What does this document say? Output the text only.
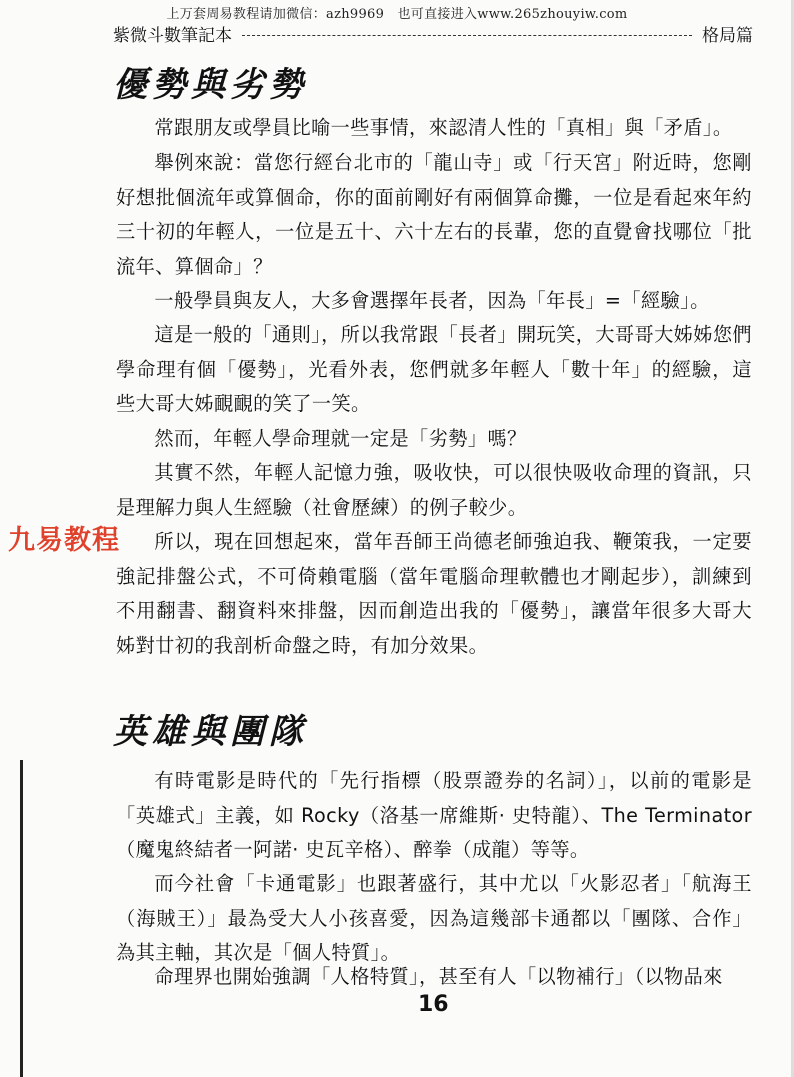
上万套周易教程请加微信：azh9969　也可直接进入www.265zhouyiw.com
紫微斗數筆記本	格局篇
優勢與劣勢

常跟朋友或學員比喻一些事情，來認清人性的「真相」與「矛盾」。

舉例來說：當您行經台北市的「龍山寺」或「行天宮」附近時，您剛好想批個流年或算個命，你的面前剛好有兩個算命攤，一位是看起來年約三十初的年輕人，一位是五十、六十左右的長輩，您的直覺會找哪位「批流年、算個命」？

一般學員與友人，大多會選擇年長者，因為「年長」=「經驗」。

這是一般的「通則」，所以我常跟「長者」開玩笑，大哥哥大姊姊您們學命理有個「優勢」，光看外表，您們就多年輕人「數十年」的經驗，這些大哥大姊靦靦的笑了一笑。

然而，年輕人學命理就一定是「劣勢」嗎？

其實不然，年輕人記憶力強，吸收快，可以很快吸收命理的資訊，只是理解力與人生經驗（社會歷練）的例子較少。

所以，現在回想起來，當年吾師王尚德老師強迫我、鞭策我，一定要強記排盤公式，不可倚賴電腦（當年電腦命理軟體也才剛起步），訓練到不用翻書、翻資料來排盤，因而創造出我的「優勢」，讓當年很多大哥大姊對廿初的我剖析命盤之時，有加分效果。

九易教程
英雄與團隊

有時電影是時代的「先行指標（股票證券的名詞）」，以前的電影是「英雄式」主義，如 Rocky（洛基一席維斯· 史特龍）、The Terminator（魔鬼終結者一阿諾· 史瓦辛格）、醉拳（成龍）等等。

而今社會「卡通電影」也跟著盛行，其中尤以「火影忍者」「航海王（海賊王）」最為受大人小孩喜愛，因為這幾部卡通都以「團隊、合作」為其主軸，其次是「個人特質」。

命理界也開始強調「人格特質」，甚至有人「以物補行」（以物品來

16
